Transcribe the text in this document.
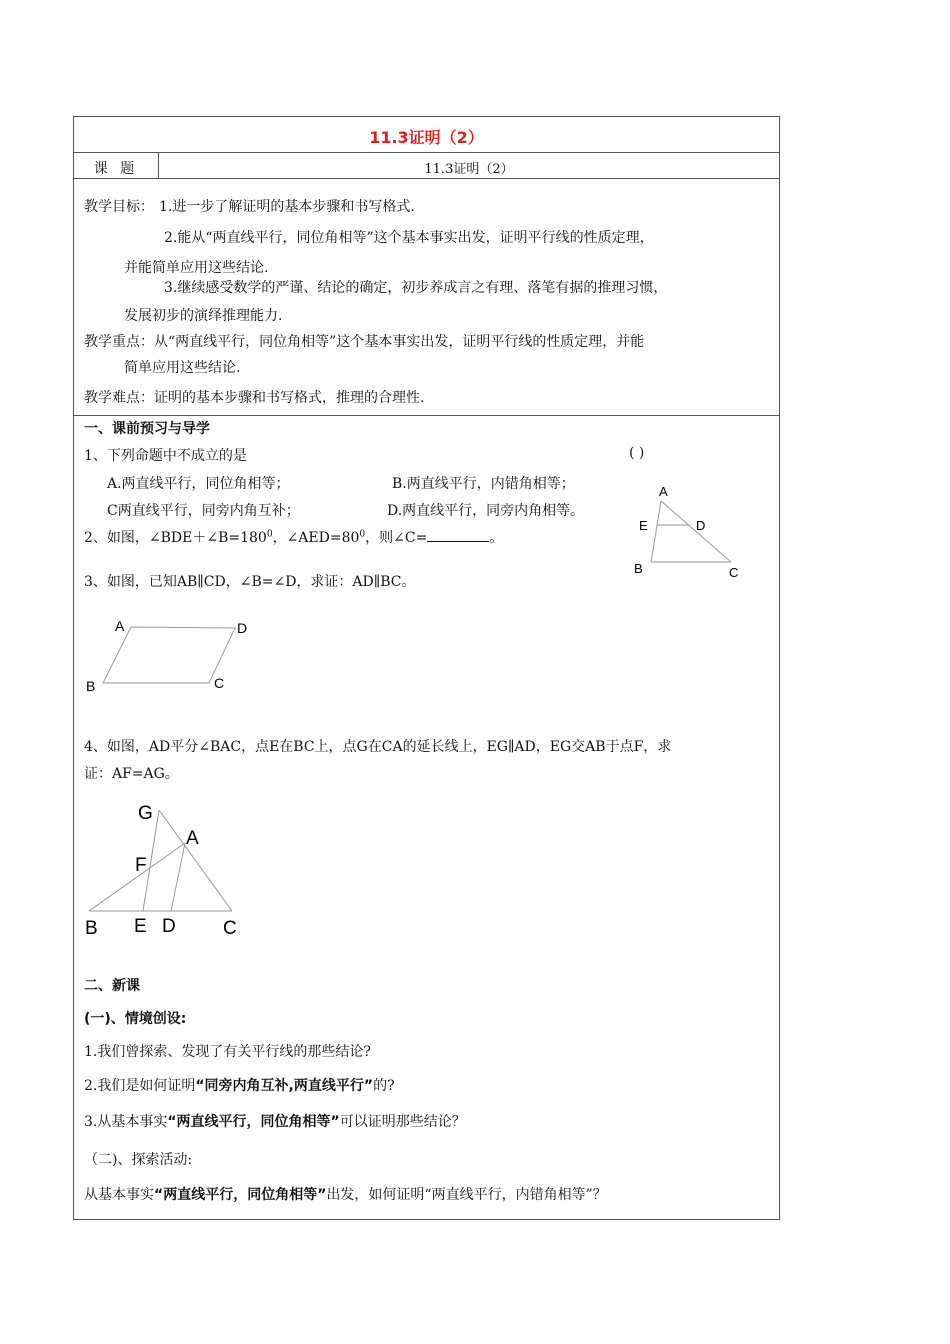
11.3证明（2）
课 题	11.3证明（2）
教学目标： 1.进一步了解证明的基本步骤和书写格式.
2.能从“两直线平行，同位角相等”这个基本事实出发，证明平行线的性质定理，
并能简单应用这些结论.
3.继续感受数学的严谨、结论的确定，初步养成言之有理、落笔有据的推理习惯，
发展初步的演绎推理能力.
教学重点：从“两直线平行，同位角相等”这个基本事实出发，证明平行线的性质定理，并能
简单应用这些结论.
教学难点：证明的基本步骤和书写格式，推理的合理性.
一、课前预习与导学
1、下列命题中不成立的是	( )
A.两直线平行，同位角相等；	B.两直线平行，内错角相等；
C两直线平行，同旁内角互补；	D.两直线平行，同旁内角相等。
2、如图，$\angle BDE+\angle B=180^0$，$\angle AED=80^0$，则∠C=	。
A
E	D
B	C
3、如图，已知AB∥CD，∠B=∠D，求证：AD∥BC。
A	D
B	C
4、如图，AD平分∠BAC，点E在BC上，点G在CA的延长线上，EG∥AD，EG交AB于点F，求
证：AF=AG。
G
A
F
B E D C
二、新课
(一)、情境创设:
1.我们曾探索、发现了有关平行线的那些结论?
2.我们是如何证明“同旁内角互补,两直线平行”的?
3.从基本事实“两直线平行，同位角相等”可以证明那些结论？
（二)、探索活动:
从基本事实“两直线平行，同位角相等”出发，如何证明“两直线平行，内错角相等”？
